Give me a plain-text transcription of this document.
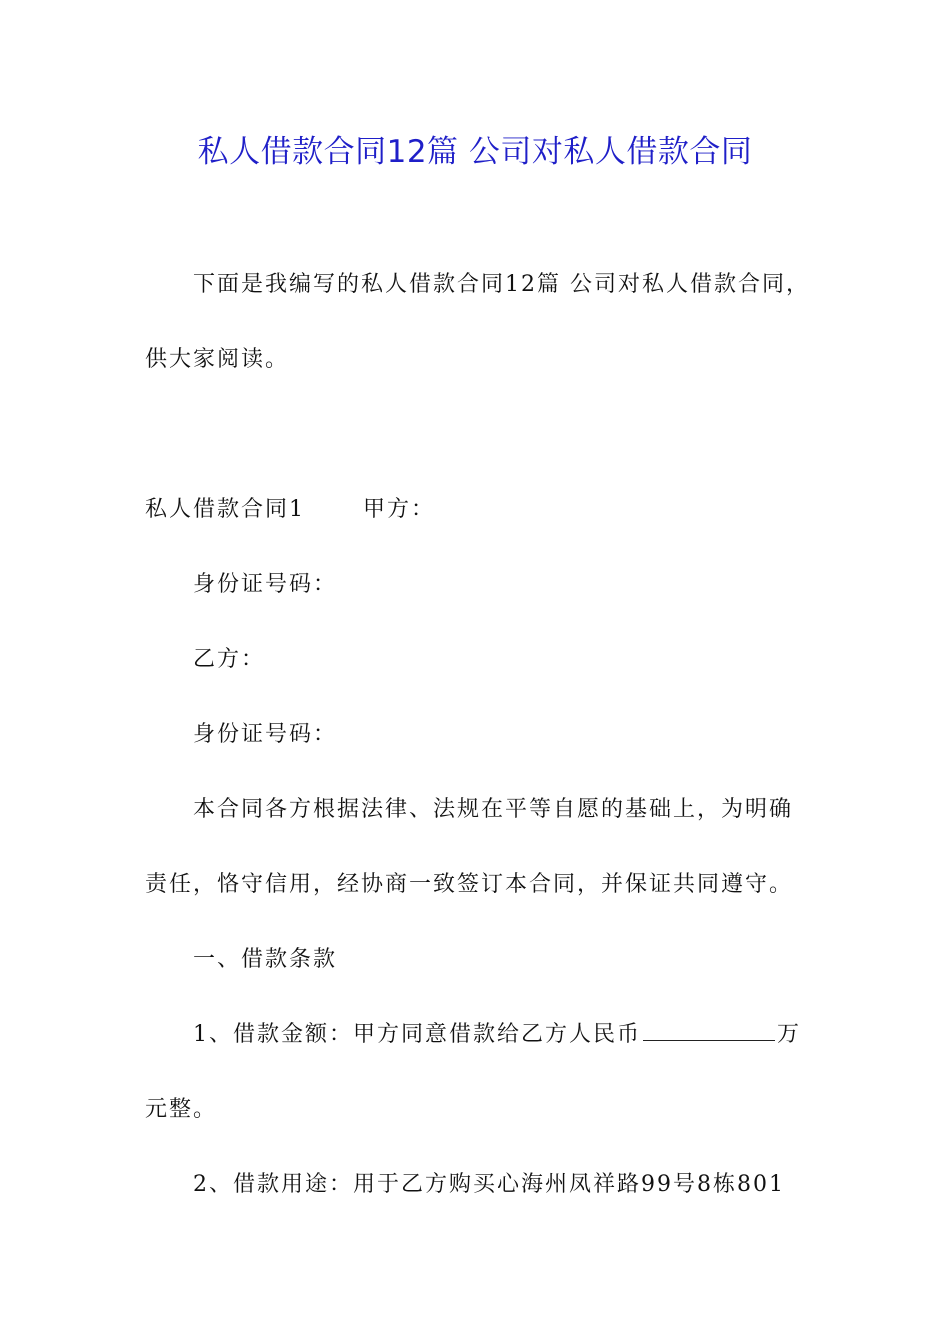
私人借款合同12篇 公司对私人借款合同
下面是我编写的私人借款合同12篇 公司对私人借款合同，
供大家阅读。
私人借款合同1	甲方：
身份证号码：
乙方：
身份证号码：
本合同各方根据法律、法规在平等自愿的基础上，为明确
责任，恪守信用，经协商一致签订本合同，并保证共同遵守。
一、借款条款
1、借款金额：甲方同意借款给乙方人民币	万
元整。
2、借款用途：用于乙方购买心海州凤祥路99号8栋801
